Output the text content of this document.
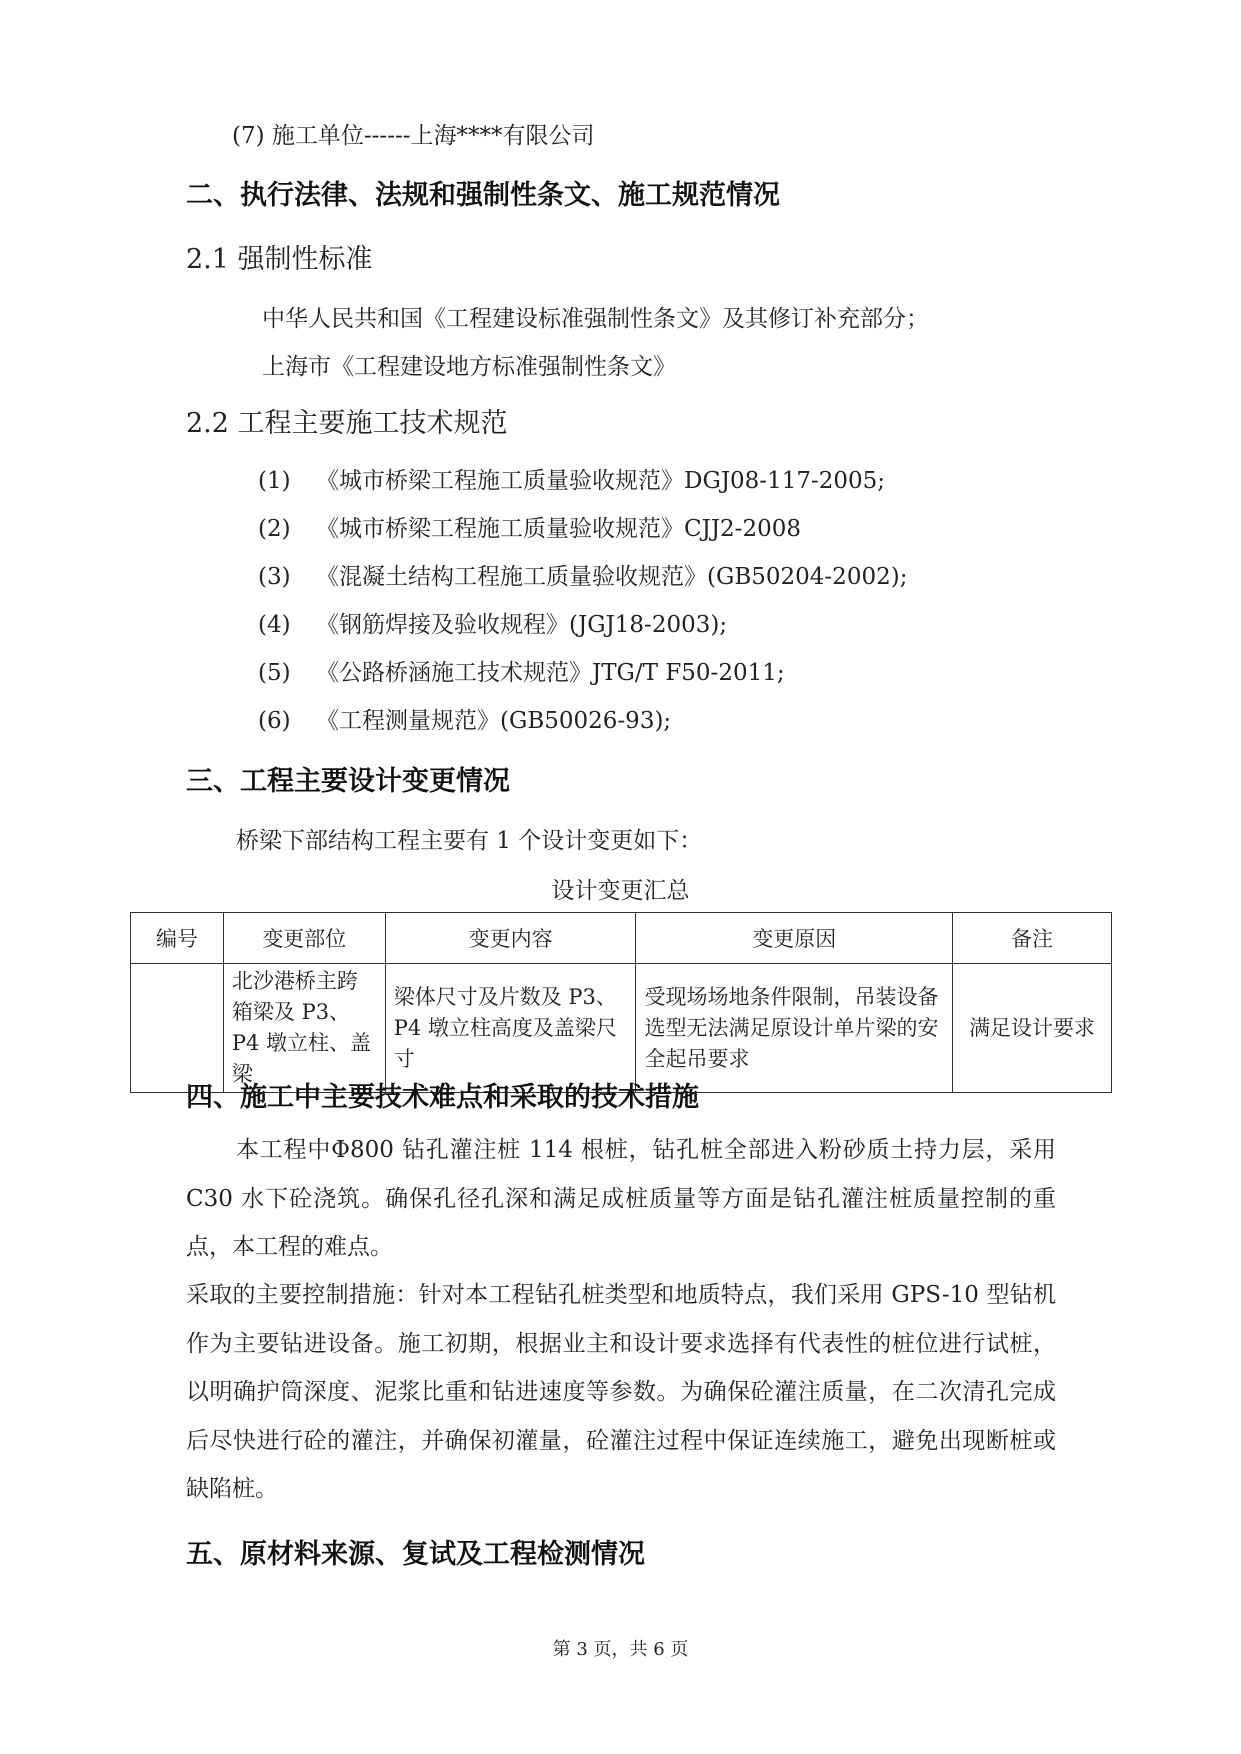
(7) 施工单位------上海****有限公司
二、执行法律、法规和强制性条文、施工规范情况
2.1 强制性标准
中华人民共和国《工程建设标准强制性条文》及其修订补充部分；
上海市《工程建设地方标准强制性条文》
2.2 工程主要施工技术规范
(1) 《城市桥梁工程施工质量验收规范》DGJ08-117-2005;
(2) 《城市桥梁工程施工质量验收规范》CJJ2-2008
(3) 《混凝土结构工程施工质量验收规范》(GB50204-2002);
(4) 《钢筋焊接及验收规程》(JGJ18-2003);
(5) 《公路桥涵施工技术规范》JTG/T F50-2011;
(6) 《工程测量规范》(GB50026-93);
三、工程主要设计变更情况
桥梁下部结构工程主要有 1 个设计变更如下：
设计变更汇总
编号	变更部位	变更内容	变更原因	备注
	北沙港桥主跨箱梁及 P3、P4 墩立柱、盖梁	梁体尺寸及片数及 P3、P4 墩立柱高度及盖梁尺寸	受现场场地条件限制，吊装设备选型无法满足原设计单片梁的安全起吊要求	满足设计要求
四、施工中主要技术难点和采取的技术措施
本工程中Φ800 钻孔灌注桩 114 根桩，钻孔桩全部进入粉砂质土持力层，采用 C30 水下砼浇筑。确保孔径孔深和满足成桩质量等方面是钻孔灌注桩质量控制的重点，本工程的难点。
采取的主要控制措施：针对本工程钻孔桩类型和地质特点，我们采用 GPS-10 型钻机作为主要钻进设备。施工初期，根据业主和设计要求选择有代表性的桩位进行试桩，以明确护筒深度、泥浆比重和钻进速度等参数。为确保砼灌注质量，在二次清孔完成后尽快进行砼的灌注，并确保初灌量，砼灌注过程中保证连续施工，避免出现断桩或缺陷桩。
五、原材料来源、复试及工程检测情况
第 3 页，共 6 页
